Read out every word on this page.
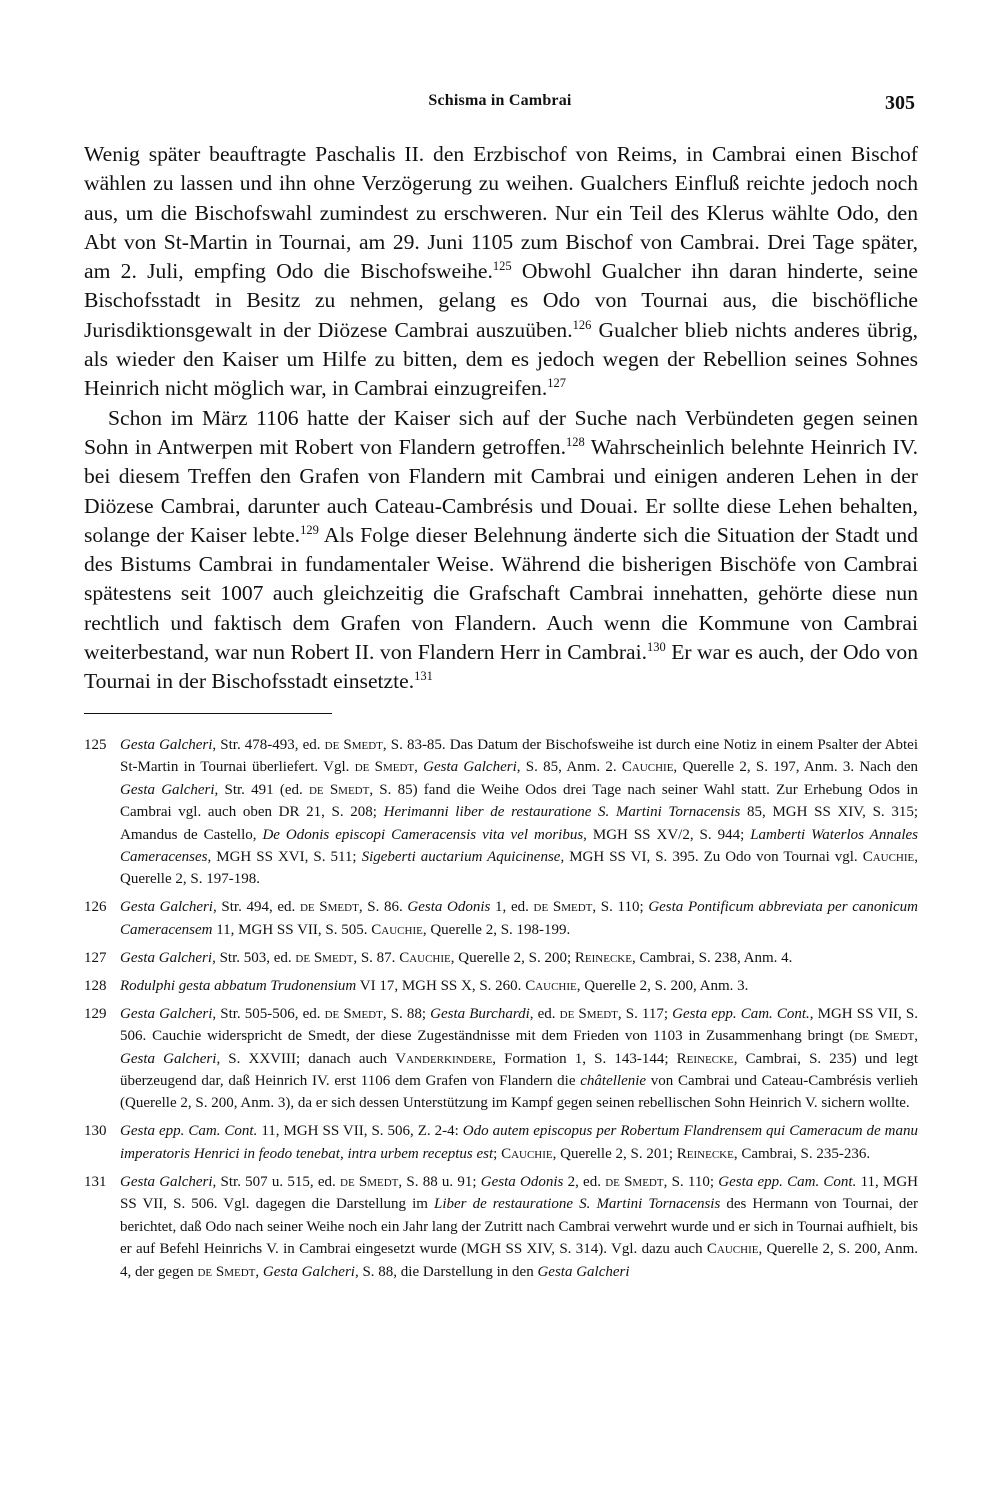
Schisma in Cambrai	305

Wenig später beauftragte Paschalis II. den Erzbischof von Reims, in Cambrai einen Bischof wählen zu lassen und ihn ohne Verzögerung zu weihen. Gualchers Einfluß reichte jedoch noch aus, um die Bischofswahl zumindest zu erschweren. Nur ein Teil des Klerus wählte Odo, den Abt von St-Martin in Tournai, am 29. Juni 1105 zum Bischof von Cambrai. Drei Tage später, am 2. Juli, empfing Odo die Bischofsweihe.$^{125}$ Obwohl Gualcher ihn daran hinderte, seine Bischofsstadt in Besitz zu nehmen, gelang es Odo von Tournai aus, die bischöfliche Jurisdiktionsgewalt in der Diözese Cambrai auszuüben.$^{126}$ Gualcher blieb nichts anderes übrig, als wieder den Kaiser um Hilfe zu bitten, dem es jedoch wegen der Rebellion seines Sohnes Heinrich nicht möglich war, in Cambrai einzugreifen.$^{127}$

Schon im März 1106 hatte der Kaiser sich auf der Suche nach Verbündeten gegen seinen Sohn in Antwerpen mit Robert von Flandern getroffen.$^{128}$ Wahrscheinlich belehnte Heinrich IV. bei diesem Treffen den Grafen von Flandern mit Cambrai und einigen anderen Lehen in der Diözese Cambrai, darunter auch Cateau-Cambrésis und Douai. Er sollte diese Lehen behalten, solange der Kaiser lebte.$^{129}$ Als Folge dieser Belehnung änderte sich die Situation der Stadt und des Bistums Cambrai in fundamentaler Weise. Während die bisherigen Bischöfe von Cambrai spätestens seit 1007 auch gleichzeitig die Grafschaft Cambrai innehatten, gehörte diese nun rechtlich und faktisch dem Grafen von Flandern. Auch wenn die Kommune von Cambrai weiterbestand, war nun Robert II. von Flandern Herr in Cambrai.$^{130}$ Er war es auch, der Odo von Tournai in der Bischofsstadt einsetzte.$^{131}$

125 Gesta Galcheri, Str. 478-493, ed. de Smedt, S. 83-85. Das Datum der Bischofsweihe ist durch eine Notiz in einem Psalter der Abtei St-Martin in Tournai überliefert. Vgl. de Smedt, Gesta Galcheri, S. 85, Anm. 2. Cauchie, Querelle 2, S. 197, Anm. 3. Nach den Gesta Galcheri, Str. 491 (ed. de Smedt, S. 85) fand die Weihe Odos drei Tage nach seiner Wahl statt. Zur Erhebung Odos in Cambrai vgl. auch oben DR 21, S. 208; Herimanni liber de restauratione S. Martini Tornacensis 85, MGH SS XIV, S. 315; Amandus de Castello, De Odonis episcopi Cameracensis vita vel moribus, MGH SS XV/2, S. 944; Lamberti Waterlos Annales Cameracenses, MGH SS XVI, S. 511; Sigeberti auctarium Aquicinense, MGH SS VI, S. 395. Zu Odo von Tournai vgl. Cauchie, Querelle 2, S. 197-198.
126 Gesta Galcheri, Str. 494, ed. de Smedt, S. 86. Gesta Odonis 1, ed. de Smedt, S. 110; Gesta Pontificum abbreviata per canonicum Cameracensem 11, MGH SS VII, S. 505. Cauchie, Querelle 2, S. 198-199.
127 Gesta Galcheri, Str. 503, ed. de Smedt, S. 87. Cauchie, Querelle 2, S. 200; Reinecke, Cambrai, S. 238, Anm. 4.
128 Rodulphi gesta abbatum Trudonensium VI 17, MGH SS X, S. 260. Cauchie, Querelle 2, S. 200, Anm. 3.
129 Gesta Galcheri, Str. 505-506, ed. de Smedt, S. 88; Gesta Burchardi, ed. de Smedt, S. 117; Gesta epp. Cam. Cont., MGH SS VII, S. 506. Cauchie widerspricht de Smedt, der diese Zugeständnisse mit dem Frieden von 1103 in Zusammenhang bringt (de Smedt, Gesta Galcheri, S. XXVIII; danach auch Vanderkindere, Formation 1, S. 143-144; Reinecke, Cambrai, S. 235) und legt überzeugend dar, daß Heinrich IV. erst 1106 dem Grafen von Flandern die châtellenie von Cambrai und Cateau-Cambrésis verlieh (Querelle 2, S. 200, Anm. 3), da er sich dessen Unterstützung im Kampf gegen seinen rebellischen Sohn Heinrich V. sichern wollte.
130 Gesta epp. Cam. Cont. 11, MGH SS VII, S. 506, Z. 2-4: Odo autem episcopus per Robertum Flandrensem qui Cameracum de manu imperatoris Henrici in feodo tenebat, intra urbem receptus est; Cauchie, Querelle 2, S. 201; Reinecke, Cambrai, S. 235-236.
131 Gesta Galcheri, Str. 507 u. 515, ed. de Smedt, S. 88 u. 91; Gesta Odonis 2, ed. de Smedt, S. 110; Gesta epp. Cam. Cont. 11, MGH SS VII, S. 506. Vgl. dagegen die Darstellung im Liber de restauratione S. Martini Tornacensis des Hermann von Tournai, der berichtet, daß Odo nach seiner Weihe noch ein Jahr lang der Zutritt nach Cambrai verwehrt wurde und er sich in Tournai aufhielt, bis er auf Befehl Heinrichs V. in Cambrai eingesetzt wurde (MGH SS XIV, S. 314). Vgl. dazu auch Cauchie, Querelle 2, S. 200, Anm. 4, der gegen de Smedt, Gesta Galcheri, S. 88, die Darstellung in den Gesta Galcheri
